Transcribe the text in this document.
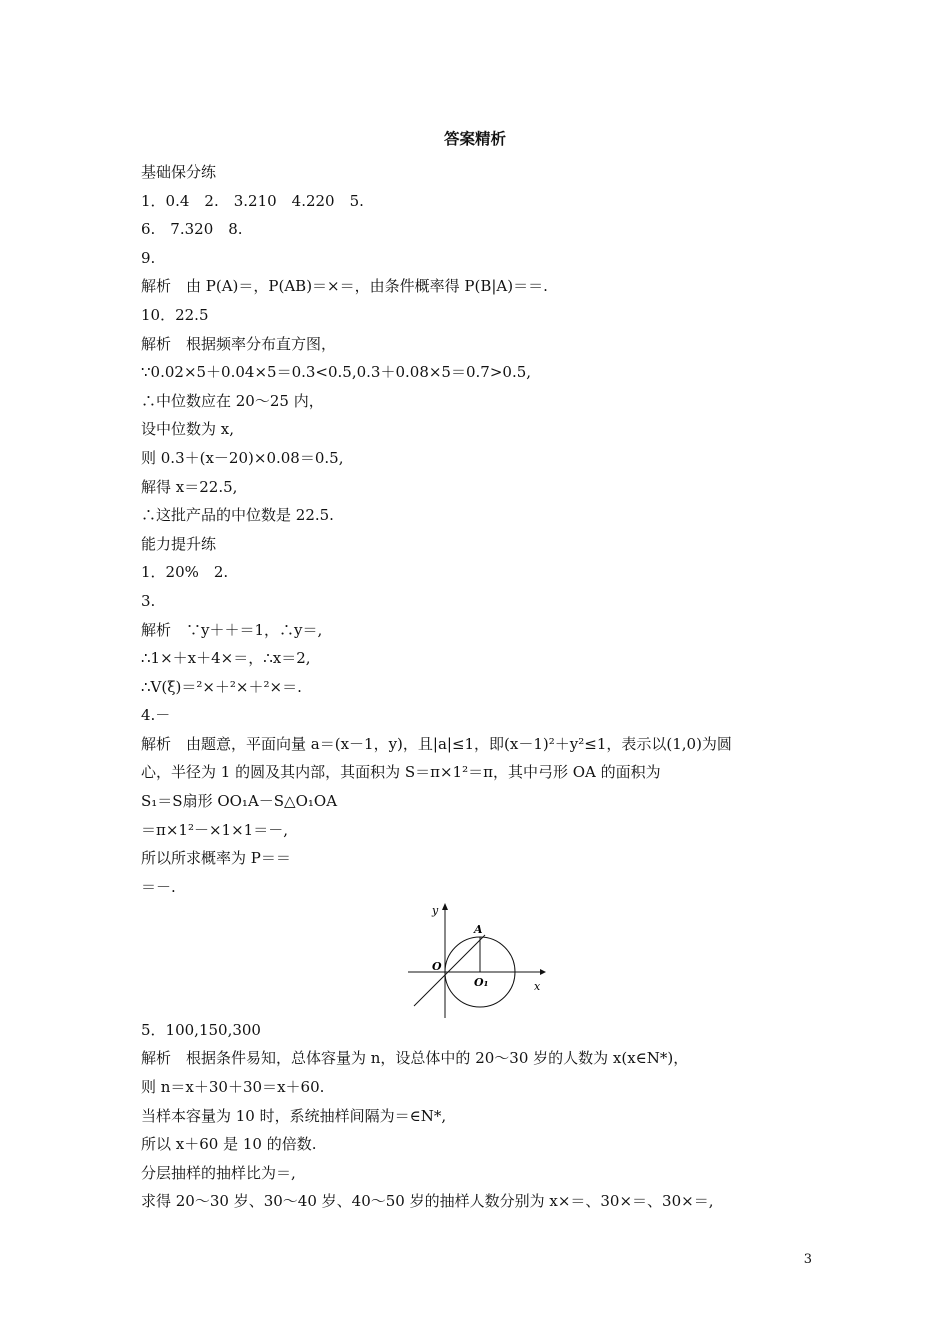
答案精析
基础保分练
1．0.4　2.　3.210　4.220　5.
6.　7.320　8.
9.
解析　由 P(A)＝，P(AB)＝×＝，由条件概率得 P(B|A)＝＝.
10．22.5
解析　根据频率分布直方图，
∵0.02×5＋0.04×5＝0.3<0.5,0.3＋0.08×5＝0.7>0.5,
∴中位数应在 20～25 内，
设中位数为 x,
则 0.3＋(x－20)×0.08＝0.5,
解得 x＝22.5,
∴这批产品的中位数是 22.5.
能力提升练
1．20%　2.
3.
解析　∵y＋＋＝1，∴y＝,
∴1×＋x＋4×＝，∴x＝2,
∴V(ξ)＝²×＋²×＋²×＝.
4.－
解析　由题意，平面向量 a＝(x－1，y)，且|a|≤1，即(x－1)²＋y²≤1，表示以(1,0)为圆
心，半径为 1 的圆及其内部，其面积为 S＝π×1²＝π，其中弓形 OA 的面积为
S₁＝S扇形 OO₁A－S△O₁OA
＝π×1²－×1×1＝－,
所以所求概率为 P＝＝
＝－.
5．100,150,300
解析　根据条件易知，总体容量为 n，设总体中的 20～30 岁的人数为 x(x∈N*)，
则 n＝x＋30＋30＝x＋60.
当样本容量为 10 时，系统抽样间隔为＝∈N*,
所以 x＋60 是 10 的倍数.
分层抽样的抽样比为＝,
求得 20～30 岁、30～40 岁、40～50 岁的抽样人数分别为 x×＝、30×＝、30×＝,
y
x
O
A
O₁
3
